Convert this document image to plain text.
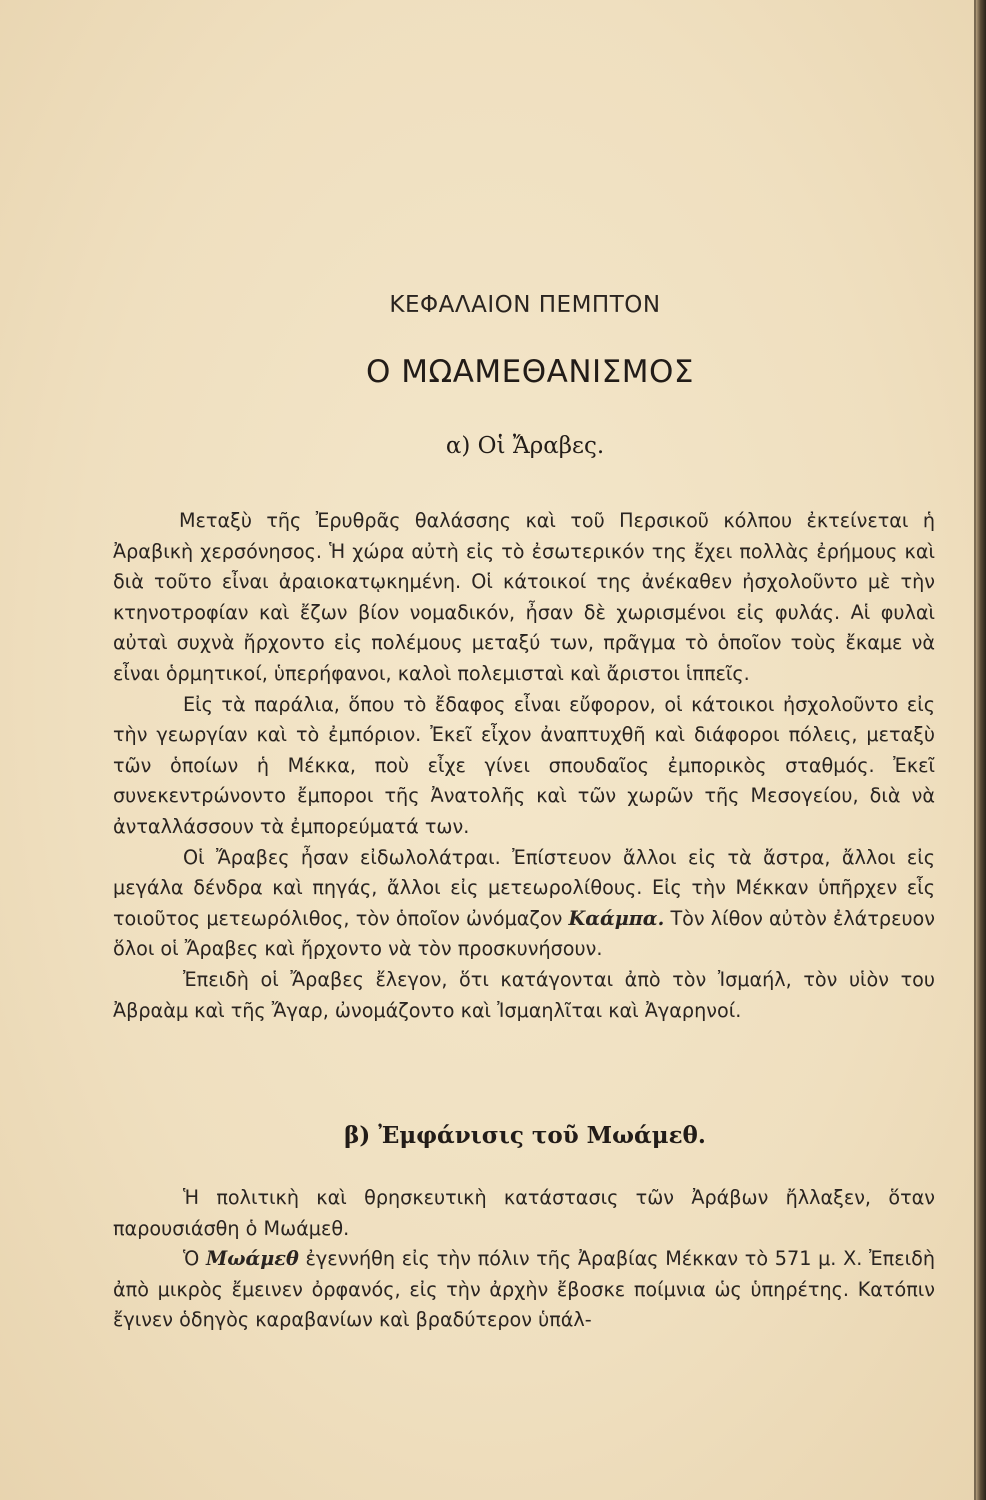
ΚΕΦΑΛΑΙΟΝ ΠΕΜΠΤΟΝ
Ο ΜΩΑΜΕΘΑΝΙΣΜΟΣ
α) Οἱ Ἄραβες.

Μεταξὺ τῆς Ἐρυθρᾶς θαλάσσης καὶ τοῦ Περσικοῦ κόλπου ἐκτείνεται ἡ Ἀραβικὴ χερσόνησος. Ἡ χώρα αὐτὴ εἰς τὸ ἐσωτερικόν της ἔχει πολλὰς ἐρήμους καὶ διὰ τοῦτο εἶναι ἀραιοκατῳκημένη. Οἱ κάτοικοί της ἀνέκαθεν ἠσχολοῦντο μὲ τὴν κτηνοτροφίαν καὶ ἔζων βίον νομαδικόν, ἦσαν δὲ χωρισμένοι εἰς φυλάς. Αἱ φυλαὶ αὐταὶ συχνὰ ἤρχοντο εἰς πολέμους μεταξύ των, πρᾶγμα τὸ ὁποῖον τοὺς ἔκαμε νὰ εἶναι ὁρμητικοί, ὑπερήφανοι, καλοὶ πολεμισταὶ καὶ ἄριστοι ἱππεῖς.

Εἰς τὰ παράλια, ὅπου τὸ ἔδαφος εἶναι εὔφορον, οἱ κάτοικοι ἠσχολοῦντο εἰς τὴν γεωργίαν καὶ τὸ ἐμπόριον. Ἐκεῖ εἶχον ἀναπτυχθῆ καὶ διάφοροι πόλεις, μεταξὺ τῶν ὁποίων ἡ Μέκκα, ποὺ εἶχε γίνει σπουδαῖος ἐμπορικὸς σταθμός. Ἐκεῖ συνεκεντρώνοντο ἔμποροι τῆς Ἀνατολῆς καὶ τῶν χωρῶν τῆς Μεσογείου, διὰ νὰ ἀνταλλάσσουν τὰ ἐμπορεύματά των.

Οἱ Ἄραβες ἦσαν εἰδωλολάτραι. Ἐπίστευον ἄλλοι εἰς τὰ ἄστρα, ἄλλοι εἰς μεγάλα δένδρα καὶ πηγάς, ἄλλοι εἰς μετεωρολίθους. Εἰς τὴν Μέκκαν ὑπῆρχεν εἷς τοιοῦτος μετεωρόλιθος, τὸν ὁποῖον ὠνόμαζον Καάμπα. Τὸν λίθον αὐτὸν ἐλάτρευον ὅλοι οἱ Ἄραβες καὶ ἤρχοντο νὰ τὸν προσκυνήσουν.

Ἐπειδὴ οἱ Ἄραβες ἔλεγον, ὅτι κατάγονται ἀπὸ τὸν Ἰσμαήλ, τὸν υἱὸν του Ἀβραὰμ καὶ τῆς Ἄγαρ, ὠνομάζοντο καὶ Ἰσμαηλῖται καὶ Ἀγαρηνοί.

β) Ἐμφάνισις τοῦ Μωάμεθ.

Ἡ πολιτικὴ καὶ θρησκευτικὴ κατάστασις τῶν Ἀράβων ἤλλαξεν, ὅταν παρουσιάσθη ὁ Μωάμεθ.

Ὁ Μωάμεθ ἐγεννήθη εἰς τὴν πόλιν τῆς Ἀραβίας Μέκκαν τὸ 571 μ. Χ. Ἐπειδὴ ἀπὸ μικρὸς ἔμεινεν ὀρφανός, εἰς τὴν ἀρχὴν ἔβοσκε ποίμνια ὡς ὑπηρέτης. Κατόπιν ἔγινεν ὁδηγὸς καραβανίων καὶ βραδύτερον ὑπάλ-
